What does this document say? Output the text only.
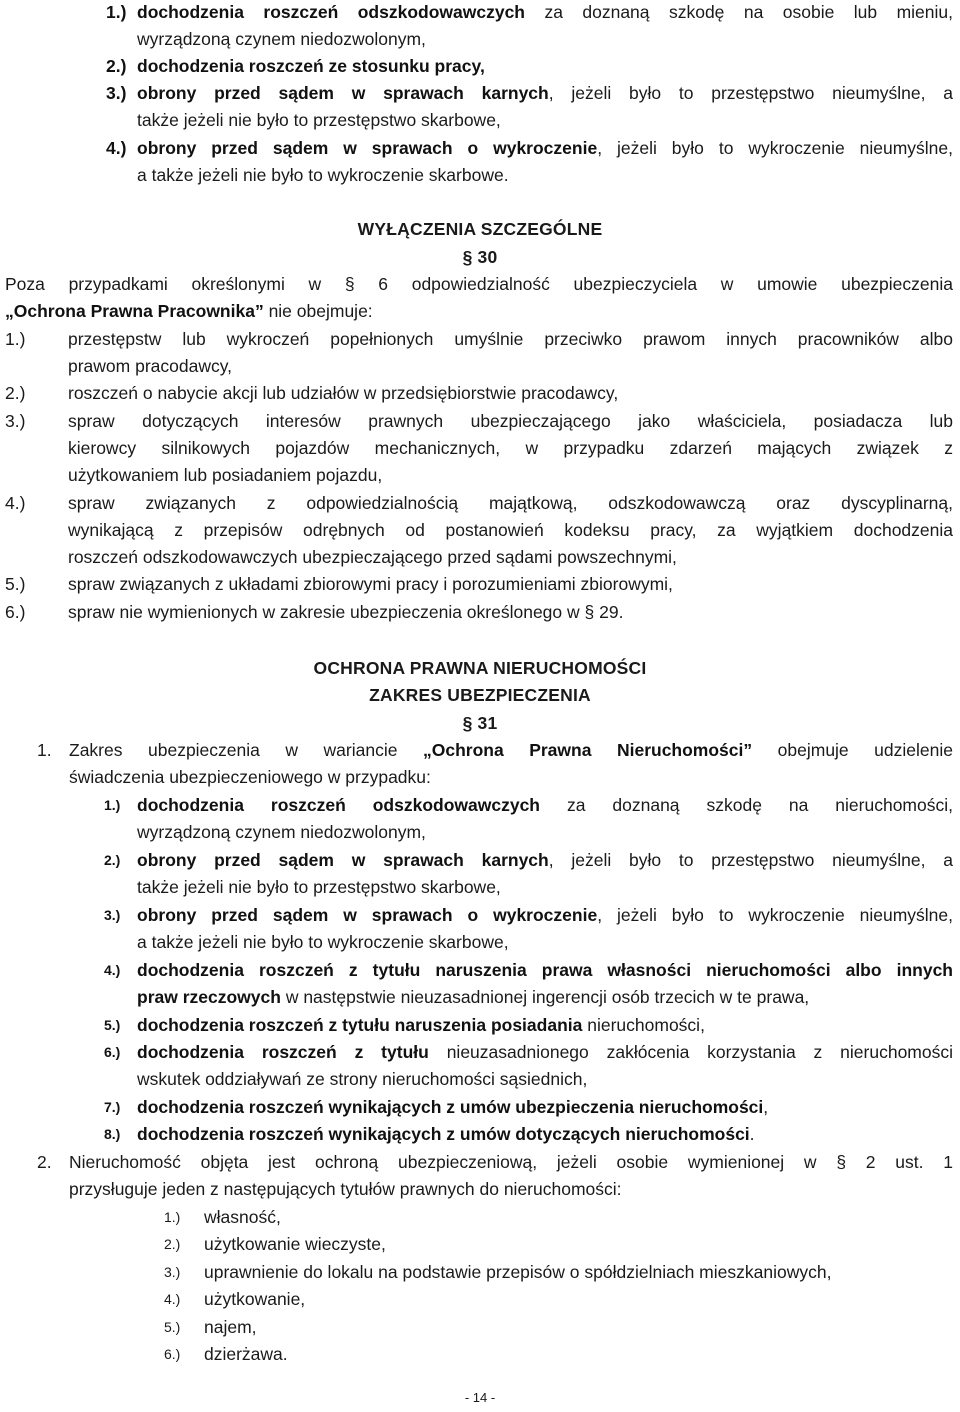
1.) dochodzenia roszczeń odszkodowawczych za doznaną szkodę na osobie lub mieniu,
wyrządzoną czynem niedozwolonym,
2.) dochodzenia roszczeń ze stosunku pracy,
3.) obrony przed sądem w sprawach karnych, jeżeli było to przestępstwo nieumyślne, a
także jeżeli nie było to przestępstwo skarbowe,
4.) obrony przed sądem w sprawach o wykroczenie, jeżeli było to wykroczenie nieumyślne,
a także jeżeli nie było to wykroczenie skarbowe.
WYŁĄCZENIA SZCZEGÓLNE
§ 30
Poza przypadkami określonymi w § 6 odpowiedzialność ubezpieczyciela w umowie ubezpieczenia
„Ochrona Prawna Pracownika” nie obejmuje:
1.) przestępstw lub wykroczeń popełnionych umyślnie przeciwko prawom innych pracowników albo
prawom pracodawcy,
2.) roszczeń o nabycie akcji lub udziałów w przedsiębiorstwie pracodawcy,
3.) spraw dotyczących interesów prawnych ubezpieczającego jako właściciela, posiadacza lub
kierowcy silnikowych pojazdów mechanicznych, w przypadku zdarzeń mających związek z
użytkowaniem lub posiadaniem pojazdu,
4.) spraw związanych z odpowiedzialnością majątkową, odszkodowawczą oraz dyscyplinarną,
wynikającą z przepisów odrębnych od postanowień kodeksu pracy, za wyjątkiem dochodzenia
roszczeń odszkodowawczych ubezpieczającego przed sądami powszechnymi,
5.) spraw związanych z układami zbiorowymi pracy i porozumieniami zbiorowymi,
6.) spraw nie wymienionych w zakresie ubezpieczenia określonego w § 29.
OCHRONA PRAWNA NIERUCHOMOŚCI
ZAKRES UBEZPIECZENIA
§ 31
1. Zakres ubezpieczenia w wariancie „Ochrona Prawna Nieruchomości” obejmuje udzielenie
świadczenia ubezpieczeniowego w przypadku:
1.) dochodzenia roszczeń odszkodowawczych za doznaną szkodę na nieruchomości,
wyrządzoną czynem niedozwolonym,
2.) obrony przed sądem w sprawach karnych, jeżeli było to przestępstwo nieumyślne, a
także jeżeli nie było to przestępstwo skarbowe,
3.) obrony przed sądem w sprawach o wykroczenie, jeżeli było to wykroczenie nieumyślne,
a także jeżeli nie było to wykroczenie skarbowe,
4.) dochodzenia roszczeń z tytułu naruszenia prawa własności nieruchomości albo innych
praw rzeczowych w następstwie nieuzasadnionej ingerencji osób trzecich w te prawa,
5.) dochodzenia roszczeń z tytułu naruszenia posiadania nieruchomości,
6.) dochodzenia roszczeń z tytułu nieuzasadnionego zakłócenia korzystania z nieruchomości
wskutek oddziaływań ze strony nieruchomości sąsiednich,
7.) dochodzenia roszczeń wynikających z umów ubezpieczenia nieruchomości,
8.) dochodzenia roszczeń wynikających z umów dotyczących nieruchomości.
2. Nieruchomość objęta jest ochroną ubezpieczeniową, jeżeli osobie wymienionej w § 2 ust. 1
przysługuje jeden z następujących tytułów prawnych do nieruchomości:
1.) własność,
2.) użytkowanie wieczyste,
3.) uprawnienie do lokalu na podstawie przepisów o spółdzielniach mieszkaniowych,
4.) użytkowanie,
5.) najem,
6.) dzierżawa.
- 14 -
